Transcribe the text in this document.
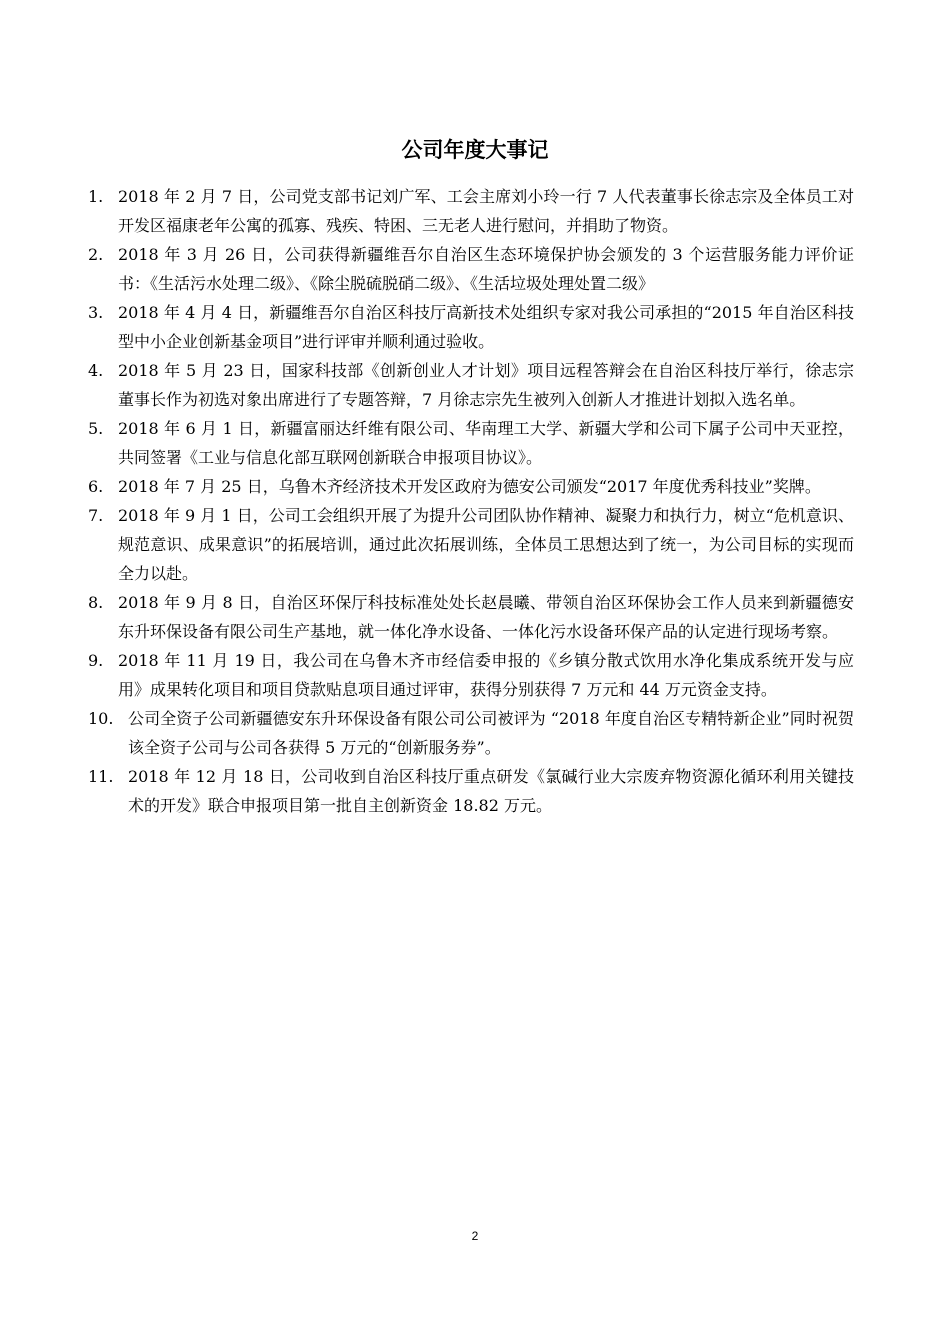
公司年度大事记
1. 2018 年 2 月 7 日，公司党支部书记刘广军、工会主席刘小玲一行 7 人代表董事长徐志宗及全体员工对开发区福康老年公寓的孤寡、残疾、特困、三无老人进行慰问，并捐助了物资。
2. 2018 年 3 月 26 日，公司获得新疆维吾尔自治区生态环境保护协会颁发的 3 个运营服务能力评价证书：《生活污水处理二级》、《除尘脱硫脱硝二级》、《生活垃圾处理处置二级》
3. 2018 年 4 月 4 日，新疆维吾尔自治区科技厅高新技术处组织专家对我公司承担的“2015 年自治区科技型中小企业创新基金项目”进行评审并顺利通过验收。
4. 2018 年 5 月 23 日，国家科技部《创新创业人才计划》项目远程答辩会在自治区科技厅举行，徐志宗董事长作为初选对象出席进行了专题答辩，7 月徐志宗先生被列入创新人才推进计划拟入选名单。
5. 2018 年 6 月 1 日，新疆富丽达纤维有限公司、华南理工大学、新疆大学和公司下属子公司中天亚控，共同签署《工业与信息化部互联网创新联合申报项目协议》。
6. 2018 年 7 月 25 日，乌鲁木齐经济技术开发区政府为德安公司颁发“2017 年度优秀科技业”奖牌。
7. 2018 年 9 月 1 日，公司工会组织开展了为提升公司团队协作精神、凝聚力和执行力，树立“危机意识、规范意识、成果意识”的拓展培训，通过此次拓展训练，全体员工思想达到了统一，为公司目标的实现而全力以赴。
8. 2018 年 9 月 8 日，自治区环保厅科技标准处处长赵晨曦、带领自治区环保协会工作人员来到新疆德安东升环保设备有限公司生产基地，就一体化净水设备、一体化污水设备环保产品的认定进行现场考察。
9. 2018 年 11 月 19 日，我公司在乌鲁木齐市经信委申报的《乡镇分散式饮用水净化集成系统开发与应用》成果转化项目和项目贷款贴息项目通过评审，获得分别获得 7 万元和 44 万元资金支持。
10. 公司全资子公司新疆德安东升环保设备有限公司公司被评为 “2018 年度自治区专精特新企业”同时祝贺该全资子公司与公司各获得 5 万元的“创新服务券”。
11. 2018 年 12 月 18 日，公司收到自治区科技厅重点研发《氯碱行业大宗废弃物资源化循环利用关键技术的开发》联合申报项目第一批自主创新资金 18.82 万元。
2
